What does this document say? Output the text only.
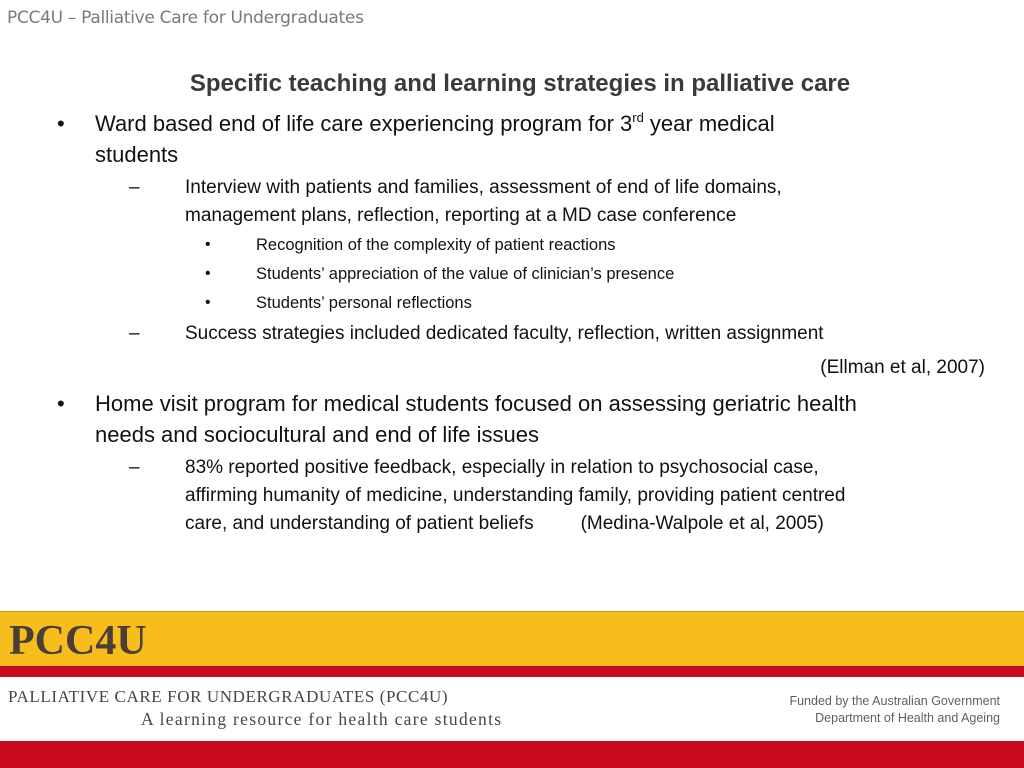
PCC4U – Palliative Care for Undergraduates
Specific teaching and learning strategies in palliative care
• Ward based end of life care experiencing program for 3rd year medical
students
– Interview with patients and families, assessment of end of life domains,
management plans, reflection, reporting at a MD case conference
•	Recognition of the complexity of patient reactions
•	Students’ appreciation of the value of clinician’s presence
•	Students’ personal reflections
– Success strategies included dedicated faculty, reflection, written assignment
(Ellman et al, 2007)
• Home visit program for medical students focused on assessing geriatric health
needs and sociocultural and end of life issues
– 83% reported positive feedback, especially in relation to psychosocial case,
affirming humanity of medicine, understanding family, providing patient centred
care, and understanding of patient beliefs (Medina-Walpole et al, 2005)
PCC4U
PALLIATIVE CARE FOR UNDERGRADUATES (PCC4U)
A learning resource for health care students
Funded by the Australian Government
Department of Health and Ageing
